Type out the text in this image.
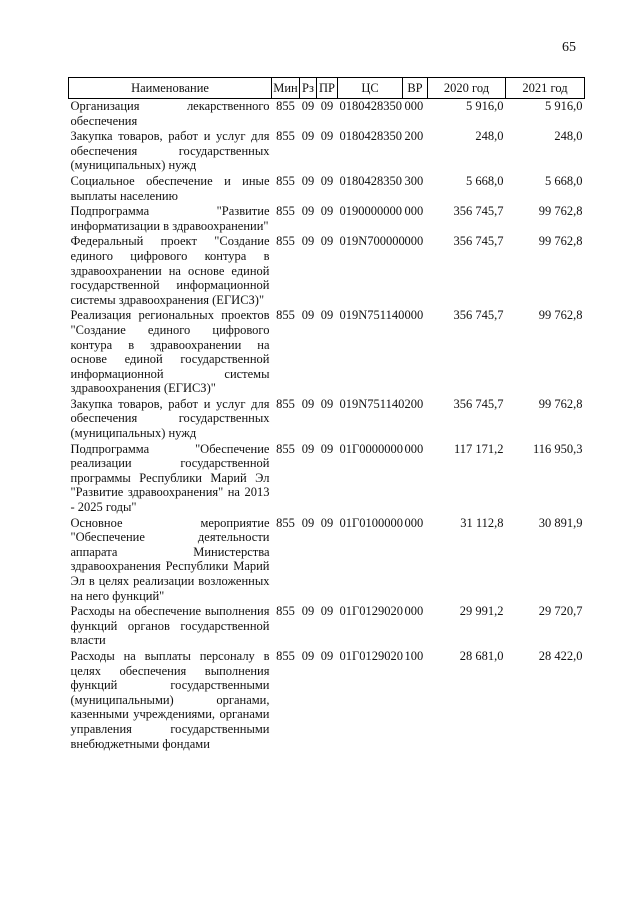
65
Наименование	Мин	Рз	ПР	ЦС	ВР	2020 год	2021 год
Организация лекарственного обеспечения	855	09	09	0180428350	000	5 916,0	5 916,0
Закупка товаров, работ и услуг для обеспечения государственных (муниципальных) нужд	855	09	09	0180428350	200	248,0	248,0
Социальное обеспечение и иные выплаты населению	855	09	09	0180428350	300	5 668,0	5 668,0
Подпрограмма "Развитие информатизации в здравоохранении"	855	09	09	0190000000	000	356 745,7	99 762,8
Федеральный проект "Создание единого цифрового контура в здравоохранении на основе единой государственной информационной системы здравоохранения (ЕГИСЗ)"	855	09	09	019N700000	000	356 745,7	99 762,8
Реализация региональных проектов "Создание единого цифрового контура в здравоохранении на основе единой государственной информационной системы здравоохранения (ЕГИСЗ)"	855	09	09	019N751140	000	356 745,7	99 762,8
Закупка товаров, работ и услуг для обеспечения государственных (муниципальных) нужд	855	09	09	019N751140	200	356 745,7	99 762,8
Подпрограмма "Обеспечение реализации государственной программы Республики Марий Эл "Развитие здравоохранения" на 2013 - 2025 годы"	855	09	09	01Г0000000	000	117 171,2	116 950,3
Основное мероприятие "Обеспечение деятельности аппарата Министерства здравоохранения Республики Марий Эл в целях реализации возложенных на него функций"	855	09	09	01Г0100000	000	31 112,8	30 891,9
Расходы на обеспечение выполнения функций органов государственной власти	855	09	09	01Г0129020	000	29 991,2	29 720,7
Расходы на выплаты персоналу в целях обеспечения выполнения функций государственными (муниципальными) органами, казенными учреждениями, органами управления государственными внебюджетными фондами	855	09	09	01Г0129020	100	28 681,0	28 422,0
